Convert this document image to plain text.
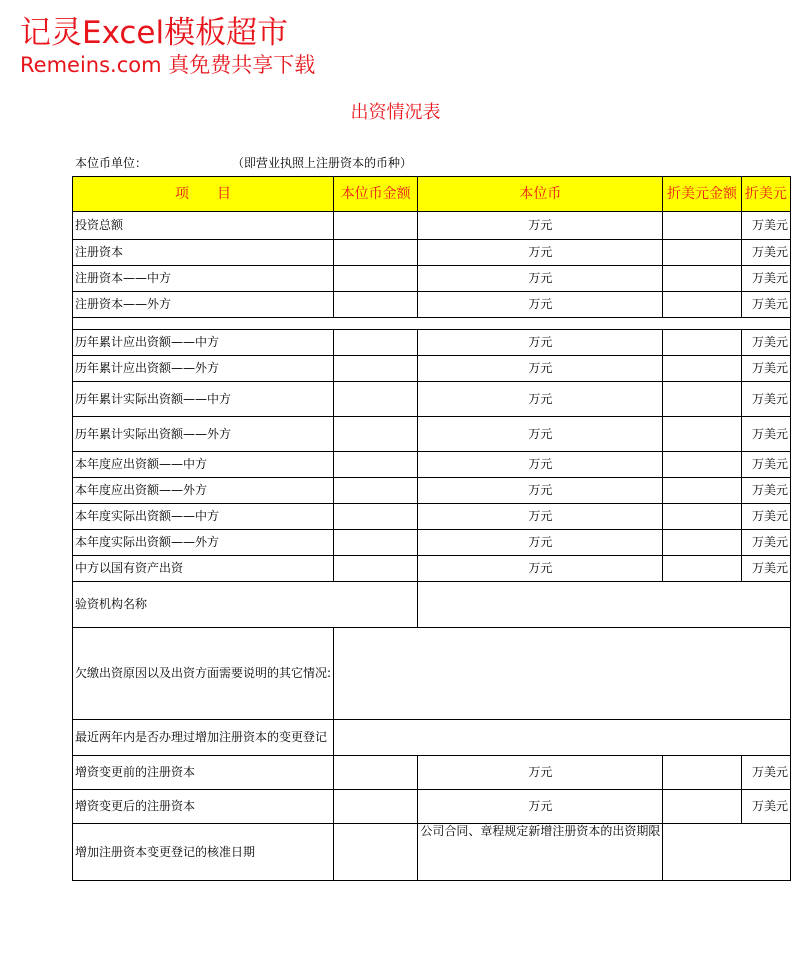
记灵Excel模板超市
Remeins.com 真免费共享下载
出资情况表
本位币单位：	（即营业执照上注册资本的币种）
项　　目	本位币金额	本位币	折美元金额	折美元
投资总额		万元		万美元
注册资本		万元		万美元
注册资本——中方		万元		万美元
注册资本——外方		万元		万美元

历年累计应出资额——中方		万元		万美元
历年累计应出资额——外方		万元		万美元
历年累计实际出资额——中方		万元		万美元
历年累计实际出资额——外方		万元		万美元
本年度应出资额——中方		万元		万美元
本年度应出资额——外方		万元		万美元
本年度实际出资额——中方		万元		万美元
本年度实际出资额——外方		万元		万美元
中方以国有资产出资		万元		万美元
验资机构名称				
欠缴出资原因以及出资方面需要说明的其它情况:				
最近两年内是否办理过增加注册资本的变更登记				
增资变更前的注册资本		万元		万美元
增资变更后的注册资本		万元		万美元
增加注册资本变更登记的核准日期		公司合同、章程规定新增注册资本的出资期限		
